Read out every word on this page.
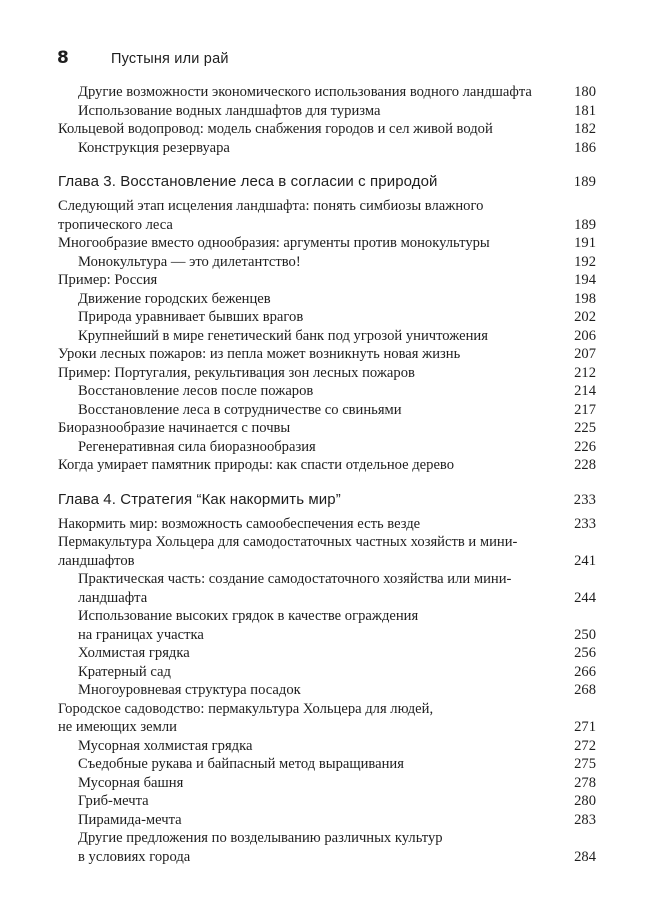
8	Пустыня или рай
Другие возможности экономического использования водного ландшафта	180
Использование водных ландшафтов для туризма	181
Кольцевой водопровод: модель снабжения городов и сел живой водой	182
Конструкция резервуара	186
Глава 3. Восстановление леса в согласии с природой	189
Следующий этап исцеления ландшафта: понять симбиозы влажного
тропического леса	189
Многообразие вместо однообразия: аргументы против монокультуры	191
Монокультура — это дилетантство!	192
Пример: Россия	194
Движение городских беженцев	198
Природа уравнивает бывших врагов	202
Крупнейший в мире генетический банк под угрозой уничтожения	206
Уроки лесных пожаров: из пепла может возникнуть новая жизнь	207
Пример: Португалия, рекультивация зон лесных пожаров	212
Восстановление лесов после пожаров	214
Восстановление леса в сотрудничестве со свиньями	217
Биоразнообразие начинается с почвы	225
Регенеративная сила биоразнообразия	226
Когда умирает памятник природы: как спасти отдельное дерево	228
Глава 4. Стратегия “Как накормить мир”	233
Накормить мир: возможность самообеспечения есть везде	233
Пермакультура Хольцера для самодостаточных частных хозяйств и мини-
ландшафтов	241
Практическая часть: создание самодостаточного хозяйства или мини-
ландшафта	244
Использование высоких грядок в качестве ограждения
на границах участка	250
Холмистая грядка	256
Кратерный сад	266
Многоуровневая структура посадок	268
Городское садоводство: пермакультура Хольцера для людей,
не имеющих земли	271
Мусорная холмистая грядка	272
Съедобные рукава и байпасный метод выращивания	275
Мусорная башня	278
Гриб-мечта	280
Пирамида-мечта	283
Другие предложения по возделыванию различных культур
в условиях города	284
